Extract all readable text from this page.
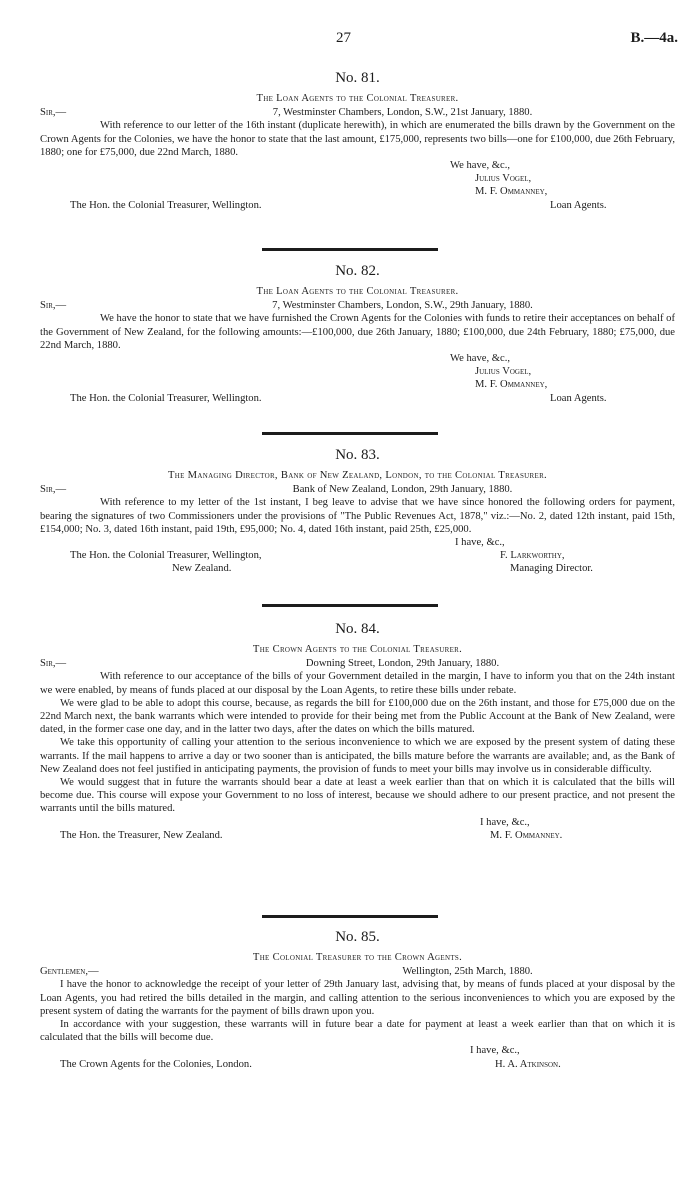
27	B.—4a.
No. 81.
The Loan Agents to the Colonial Treasurer.
Sir,—	7, Westminster Chambers, London, S.W., 21st January, 1880.

With reference to our letter of the 16th instant (duplicate herewith), in which are enumerated the bills drawn by the Government on the Crown Agents for the Colonies, we have the honor to state that the last amount, £175,000, represents two bills—one for £100,000, due 26th February, 1880; one for £75,000, due 22nd March, 1880.

We have, &c.,
Julius Vogel,
M. F. Ommanney,
The Hon. the Colonial Treasurer, Wellington.	Loan Agents.
No. 82.
The Loan Agents to the Colonial Treasurer.
Sir,—	7, Westminster Chambers, London, S.W., 29th January, 1880.

We have the honor to state that we have furnished the Crown Agents for the Colonies with funds to retire their acceptances on behalf of the Government of New Zealand, for the following amounts:—£100,000, due 26th January, 1880; £100,000, due 24th February, 1880; £75,000, due 22nd March, 1880.

We have, &c.,
Julius Vogel,
M. F. Ommanney,
The Hon. the Colonial Treasurer, Wellington.	Loan Agents.
No. 83.
The Managing Director, Bank of New Zealand, London, to the Colonial Treasurer.
Sir,—	Bank of New Zealand, London, 29th January, 1880.

With reference to my letter of the 1st instant, I beg leave to advise that we have since honored the following orders for payment, bearing the signatures of two Commissioners under the provisions of "The Public Revenues Act, 1878," viz.:—No. 2, dated 12th instant, paid 15th, £154,000; No. 3, dated 16th instant, paid 19th, £95,000; No. 4, dated 16th instant, paid 25th, £25,000.

I have, &c.,
The Hon. the Colonial Treasurer, Wellington,	F. Larkworthy,
New Zealand.	Managing Director.
No. 84.
The Crown Agents to the Colonial Treasurer.
Sir,—	Downing Street, London, 29th January, 1880.

With reference to our acceptance of the bills of your Government detailed in the margin, I have to inform you that on the 24th instant we were enabled, by means of funds placed at our disposal by the Loan Agents, to retire these bills under rebate.

We were glad to be able to adopt this course, because, as regards the bill for £100,000 due on the 26th instant, and those for £75,000 due on the 22nd March next, the bank warrants which were intended to provide for their being met from the Public Account at the Bank of New Zealand, were dated, in the former case one day, and in the latter two days, after the dates on which the bills matured.

We take this opportunity of calling your attention to the serious inconvenience to which we are exposed by the present system of dating these warrants. If the mail happens to arrive a day or two sooner than is anticipated, the bills mature before the warrants are available; and, as the Bank of New Zealand does not feel justified in anticipating payments, the provision of funds to meet your bills may involve us in considerable difficulty.

We would suggest that in future the warrants should bear a date at least a week earlier than that on which it is calculated that the bills will become due. This course will expose your Government to no loss of interest, because we should adhere to our present practice, and not present the warrants until the bills matured.

I have, &c.,
The Hon. the Treasurer, New Zealand.	M. F. Ommanney.
No. 85.
The Colonial Treasurer to the Crown Agents.
Gentlemen,—	Wellington, 25th March, 1880.

I have the honor to acknowledge the receipt of your letter of 29th January last, advising that, by means of funds placed at your disposal by the Loan Agents, you had retired the bills detailed in the margin, and calling attention to the serious inconveniences to which you are exposed by the present system of dating the warrants for the payment of bills drawn upon you.

In accordance with your suggestion, these warrants will in future bear a date for payment at least a week earlier than that on which it is calculated that the bills will become due.

I have, &c.,
The Crown Agents for the Colonies, London.	H. A. Atkinson.
